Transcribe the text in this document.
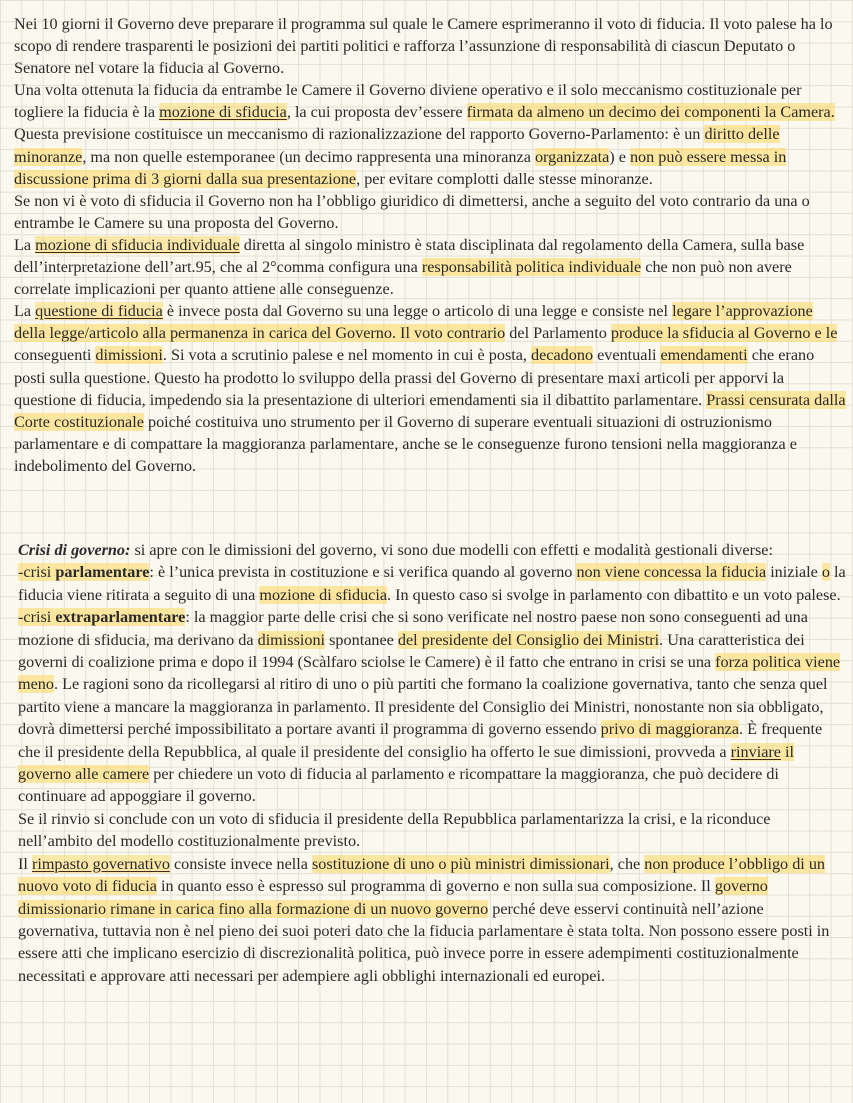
Nei 10 giorni il Governo deve preparare il programma sul quale le Camere esprimeranno il voto di fiducia. Il voto palese ha lo scopo di rendere trasparenti le posizioni dei partiti politici e rafforza l’assunzione di responsabilità di ciascun Deputato o Senatore nel votare la fiducia al Governo.

Una volta ottenuta la fiducia da entrambe le Camere il Governo diviene operativo e il solo meccanismo costituzionale per togliere la fiducia è la mozione di sfiducia, la cui proposta dev’essere firmata da almeno un decimo dei componenti la Camera. Questa previsione costituisce un meccanismo di razionalizzazione del rapporto Governo-Parlamento: è un diritto delle minoranze, ma non quelle estemporanee (un decimo rappresenta una minoranza organizzata) e non può essere messa in discussione prima di 3 giorni dalla sua presentazione, per evitare complotti dalle stesse minoranze.

Se non vi è voto di sfiducia il Governo non ha l’obbligo giuridico di dimettersi, anche a seguito del voto contrario da una o entrambe le Camere su una proposta del Governo.

La mozione di sfiducia individuale diretta al singolo ministro è stata disciplinata dal regolamento della Camera, sulla base dell’interpretazione dell’art.95, che al 2°comma configura una responsabilità politica individuale che non può non avere correlate implicazioni per quanto attiene alle conseguenze.

La questione di fiducia è invece posta dal Governo su una legge o articolo di una legge e consiste nel legare l’approvazione della legge/articolo alla permanenza in carica del Governo. Il voto contrario del Parlamento produce la sfiducia al Governo e le conseguenti dimissioni. Si vota a scrutinio palese e nel momento in cui è posta, decadono eventuali emendamenti che erano posti sulla questione. Questo ha prodotto lo sviluppo della prassi del Governo di presentare maxi articoli per apporvi la questione di fiducia, impedendo sia la presentazione di ulteriori emendamenti sia il dibattito parlamentare. Prassi censurata dalla Corte costituzionale poiché costituiva uno strumento per il Governo di superare eventuali situazioni di ostruzionismo parlamentare e di compattare la maggioranza parlamentare, anche se le conseguenze furono tensioni nella maggioranza e indebolimento del Governo.

Crisi di governo: si apre con le dimissioni del governo, vi sono due modelli con effetti e modalità gestionali diverse:

-crisi parlamentare: è l’unica prevista in costituzione e si verifica quando al governo non viene concessa la fiducia iniziale o la fiducia viene ritirata a seguito di una mozione di sfiducia. In questo caso si svolge in parlamento con dibattito e un voto palese.

-crisi extraparlamentare: la maggior parte delle crisi che si sono verificate nel nostro paese non sono conseguenti ad una mozione di sfiducia, ma derivano da dimissioni spontanee del presidente del Consiglio dei Ministri. Una caratteristica dei governi di coalizione prima e dopo il 1994 (Scàlfaro sciolse le Camere) è il fatto che entrano in crisi se una forza politica viene meno. Le ragioni sono da ricollegarsi al ritiro di uno o più partiti che formano la coalizione governativa, tanto che senza quel partito viene a mancare la maggioranza in parlamento. Il presidente del Consiglio dei Ministri, nonostante non sia obbligato, dovrà dimettersi perché impossibilitato a portare avanti il programma di governo essendo privo di maggioranza. È frequente che il presidente della Repubblica, al quale il presidente del consiglio ha offerto le sue dimissioni, provveda a rinviare il governo alle camere per chiedere un voto di fiducia al parlamento e ricompattare la maggioranza, che può decidere di continuare ad appoggiare il governo.

Se il rinvio si conclude con un voto di sfiducia il presidente della Repubblica parlamentarizza la crisi, e la riconduce nell’ambito del modello costituzionalmente previsto.

Il rimpasto governativo consiste invece nella sostituzione di uno o più ministri dimissionari, che non produce l’obbligo di un nuovo voto di fiducia in quanto esso è espresso sul programma di governo e non sulla sua composizione. Il governo dimissionario rimane in carica fino alla formazione di un nuovo governo perché deve esservi continuità nell’azione governativa, tuttavia non è nel pieno dei suoi poteri dato che la fiducia parlamentare è stata tolta. Non possono essere posti in essere atti che implicano esercizio di discrezionalità politica, può invece porre in essere adempimenti costituzionalmente necessitati e approvare atti necessari per adempiere agli obblighi internazionali ed europei.
